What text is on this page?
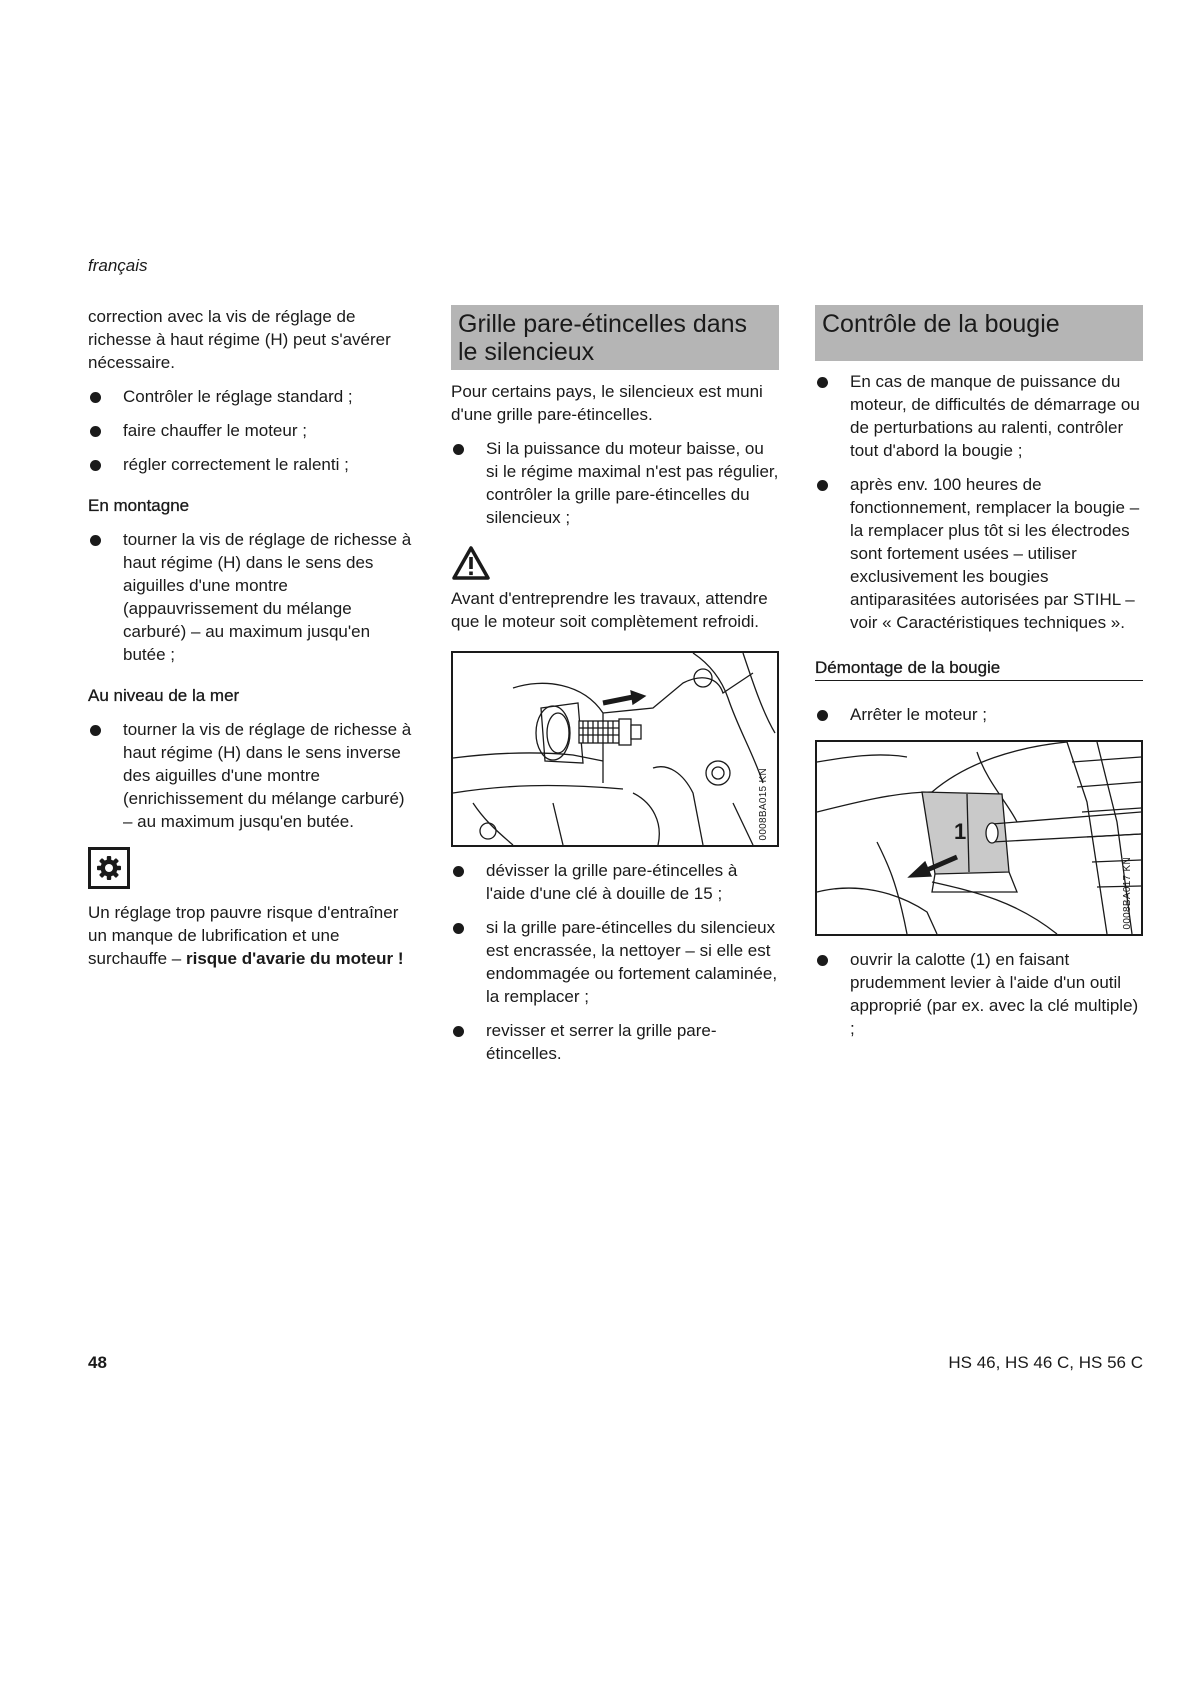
français

correction avec la vis de réglage de richesse à haut régime (H) peut s'avérer nécessaire.

Contrôler le réglage standard ;
faire chauffer le moteur ;
régler correctement le ralenti ;

En montagne

tourner la vis de réglage de richesse à haut régime (H) dans le sens des aiguilles d'une montre (appauvrissement du mélange carburé) – au maximum jusqu'en butée ;

Au niveau de la mer

tourner la vis de réglage de richesse à haut régime (H) dans le sens inverse des aiguilles d'une montre (enrichissement du mélange carburé) – au maximum jusqu'en butée.

Un réglage trop pauvre risque d'entraîner un manque de lubrification et une surchauffe – risque d'avarie du moteur !

Grille pare-étincelles dans le silencieux

Pour certains pays, le silencieux est muni d'une grille pare-étincelles.

Si la puissance du moteur baisse, ou si le régime maximal n'est pas régulier, contrôler la grille pare-étincelles du silencieux ;

Avant d'entreprendre les travaux, attendre que le moteur soit complètement refroidi.

0008BA015 KN
dévisser la grille pare-étincelles à l'aide d'une clé à douille de 15 ;
si la grille pare-étincelles du silencieux est encrassée, la nettoyer – si elle est endommagée ou fortement calaminée, la remplacer ;
revisser et serrer la grille pare-étincelles.
Contrôle de la bougie
En cas de manque de puissance du moteur, de difficultés de démarrage ou de perturbations au ralenti, contrôler tout d'abord la bougie ;
après env. 100 heures de fonctionnement, remplacer la bougie – la remplacer plus tôt si les électrodes sont fortement usées – utiliser exclusivement les bougies antiparasitées autorisées par STIHL – voir « Caractéristiques techniques ».

Démontage de la bougie

Arrêter le moteur ;
1
0008BA017 KN
ouvrir la calotte (1) en faisant prudemment levier à l'aide d'un outil approprié (par ex. avec la clé multiple) ;
48	HS 46, HS 46 C, HS 56 C
